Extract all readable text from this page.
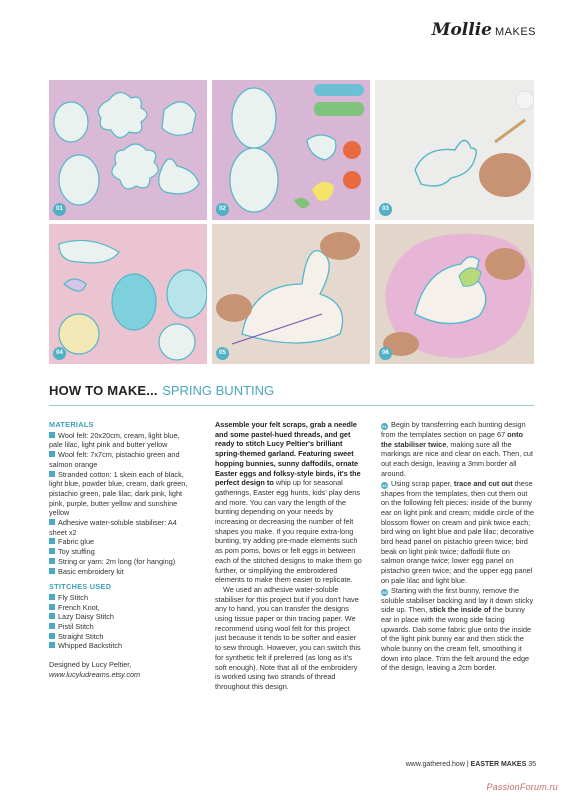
Mollie MAKES
01	02	03
04	05	06
HOW TO MAKE... SPRING BUNTING
MATERIALS
Wool felt: 20x20cm, cream, light blue, pale lilac, light pink and butter yellow
Wool felt: 7x7cm, pistachio green and salmon orange
Stranded cotton: 1 skein each of black, light blue, powder blue, cream, dark green, pistachio green, pale lilac, dark pink, light pink, purple, butter yellow and sunshine yellow
Adhesive water-soluble stabiliser: A4 sheet x2
Fabric glue
Toy stuffing
String or yarn: 2m long (for hanging)
Basic embroidery kit
STITCHES USED
Fly Stitch
French Knot,
Lazy Daisy Stitch
Pistil Stitch
Straight Stitch
Whipped Backstitch
Designed by Lucy Peltier,
www.lucyludreams.etsy.com

Assemble your felt scraps, grab a needle and some pastel-hued threads, and get ready to stitch Lucy Peltier's brilliant spring-themed garland. Featuring sweet hopping bunnies, sunny daffodils, ornate Easter eggs and folksy-style birds, it's the perfect design to whip up for seasonal gatherings, Easter egg hunts, kids' play dens and more. You can vary the length of the bunting depending on your needs by increasing or decreasing the number of felt shapes you make. If you require extra-long bunting, try adding pre-made elements such as pom poms, bows or felt eggs in between each of the stitched designs to make them go further, or simplifying the embroidered elements to make them easier to replicate.

We used an adhesive water-soluble stabiliser for this project but if you don't have any to hand, you can transfer the designs using tissue paper or thin tracing paper. We recommend using wool felt for this project just because it tends to be softer and easier to sew through. However, you can switch this for synthetic felt if preferred (as long as it's soft enough). Note that all of the embroidery is worked using two strands of thread throughout this design.

01 Begin by transferring each bunting design from the templates section on page 67 onto the stabiliser twice, making sure all the markings are nice and clear on each. Then, cut out each design, leaving a 3mm border all around.

02 Using scrap paper, trace and cut out these shapes from the templates, then cut them out on the following felt pieces: inside of the bunny ear on light pink and cream; middle circle of the blossom flower on cream and pink twice each; bird wing on light blue and pale lilac; decorative bird head panel on pistachio green twice; bird beak on light pink twice; daffodil flute on salmon orange twice; lower egg panel on pistachio green twice; and the upper egg panel on pale lilac and light blue.

03 Starting with the first bunny, remove the soluble stabiliser backing and lay it down sticky side up. Then, stick the inside of the bunny ear in place with the wrong side facing upwards. Dab some fabric glue onto the inside of the light pink bunny ear and then stick the whole bunny on the cream felt, smoothing it down into place. Trim the felt around the edge of the design, leaving a 2cm border.

www.gathered.how | EASTER MAKES 35
PassionForum.ru
